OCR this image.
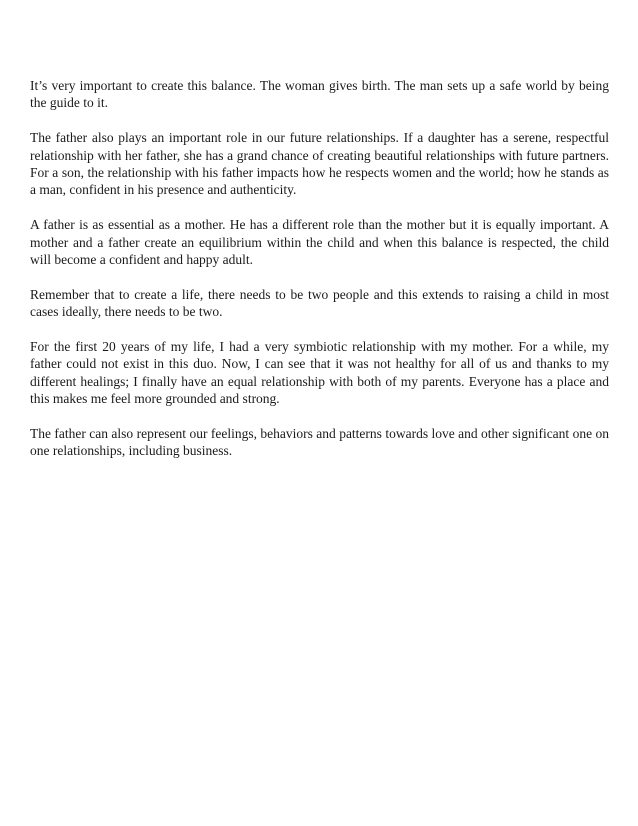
It’s very important to create this balance. The woman gives birth. The man sets up a safe world by being the guide to it.

The father also plays an important role in our future relationships. If a daughter has a serene, respectful relationship with her father, she has a grand chance of creating beautiful relationships with future partners. For a son, the relationship with his father impacts how he respects women and the world; how he stands as a man, confident in his presence and authenticity.

A father is as essential as a mother. He has a different role than the mother but it is equally important. A mother and a father create an equilibrium within the child and when this balance is respected, the child will become a confident and happy adult.

Remember that to create a life, there needs to be two people and this extends to raising a child in most cases ideally, there needs to be two.

For the first 20 years of my life, I had a very symbiotic relationship with my mother. For a while, my father could not exist in this duo. Now, I can see that it was not healthy for all of us and thanks to my different healings; I finally have an equal relationship with both of my parents. Everyone has a place and this makes me feel more grounded and strong.

The father can also represent our feelings, behaviors and patterns towards love and other significant one on one relationships, including business.
